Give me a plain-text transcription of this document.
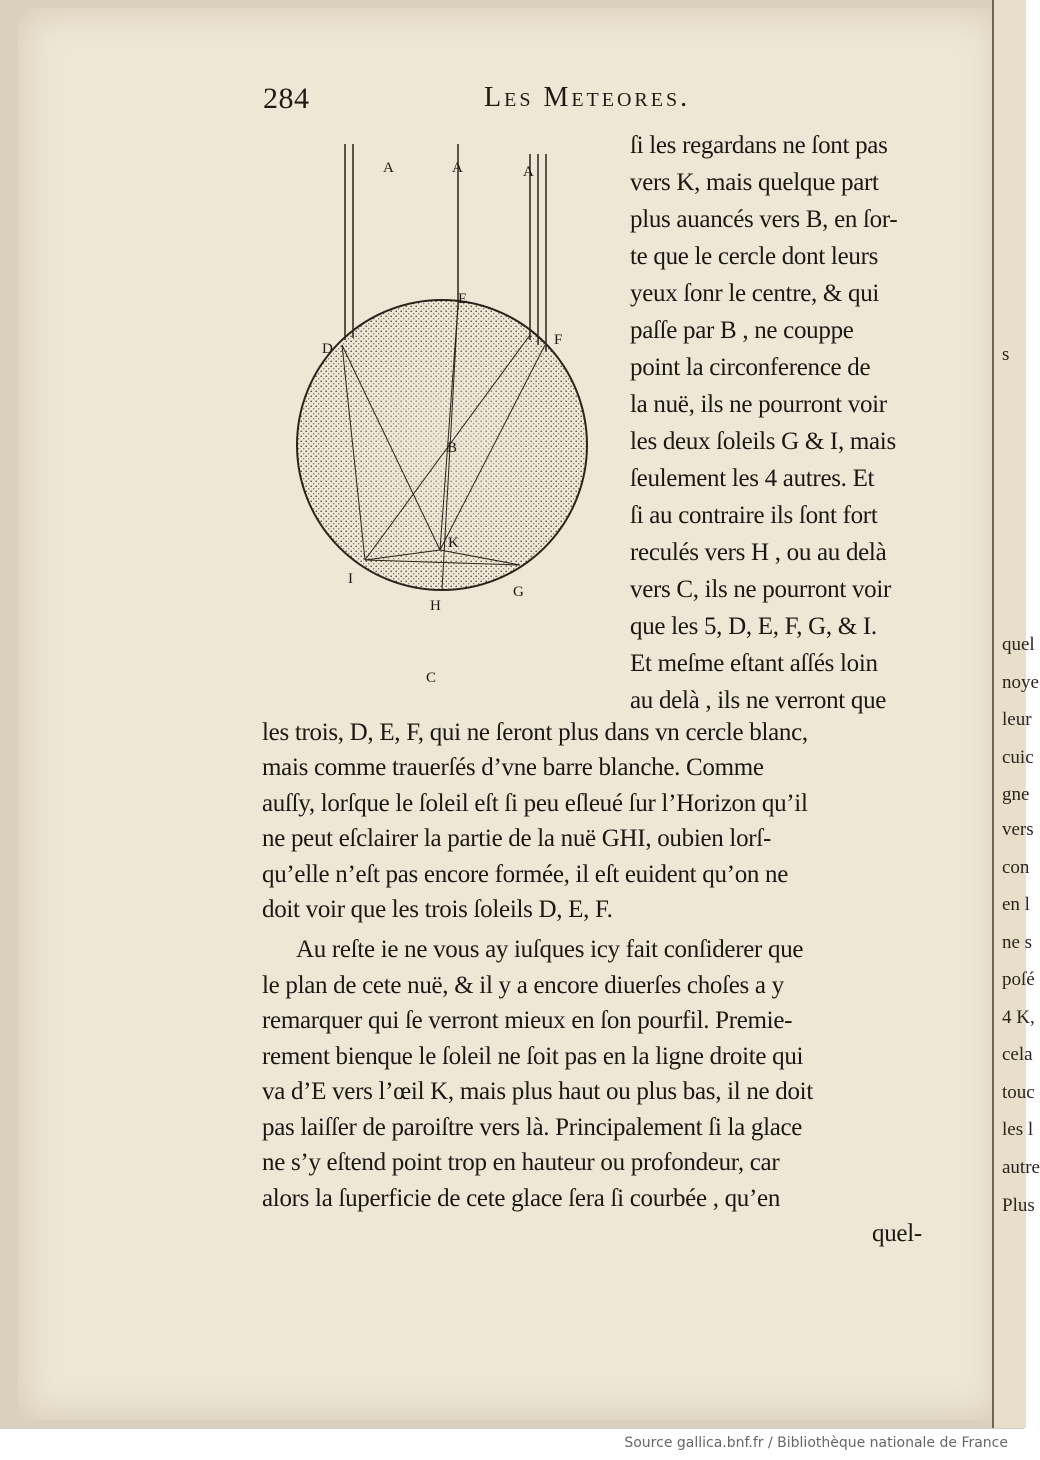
284	Les Meteores.
A	A	A
E
D
F
B
K
I
G
H
C
s
quel
noye
leur
cuic
gne
vers
con
en l
ne s
poſé
4 K,
cela
touc
les l
autre
Plus
ſi les regardans ne ſont pas
vers K, mais quelque part
plus auancés vers B, en ſor-
te que le cercle dont leurs
yeux ſonr le centre, & qui
paſſe par B , ne couppe
point la circonference de
la nuë, ils ne pourront voir
les deux ſoleils G & I, mais
ſeulement les 4 autres. Et
ſi au contraire ils ſont fort
reculés vers H , ou au delà
vers C, ils ne pourront voir
que les 5, D, E, F, G, & I.
Et meſme eſtant aſſés loin
au delà , ils ne verront que
les trois, D, E, F, qui ne ſeront plus dans vn cercle blanc,
mais comme trauerſés d’vne barre blanche. Comme
auſſy, lorſque le ſoleil eſt ſi peu eſleué ſur l’Horizon qu’il
ne peut eſclairer la partie de la nuë GHI, oubien lorſ-
qu’elle n’eſt pas encore formée, il eſt euident qu’on ne
doit voir que les trois ſoleils D, E, F.
Au reſte ie ne vous ay iuſques icy fait conſiderer que
le plan de cete nuë, & il y a encore diuerſes choſes a y
remarquer qui ſe verront mieux en ſon pourfil. Premie-
rement bienque le ſoleil ne ſoit pas en la ligne droite qui
va d’E vers l’œil K, mais plus haut ou plus bas, il ne doit
pas laiſſer de paroiſtre vers là. Principalement ſi la glace
ne s’y eſtend point trop en hauteur ou profondeur, car
alors la ſuperficie de cete glace ſera ſi courbée , qu’en
quel-
Source gallica.bnf.fr / Bibliothèque nationale de France
